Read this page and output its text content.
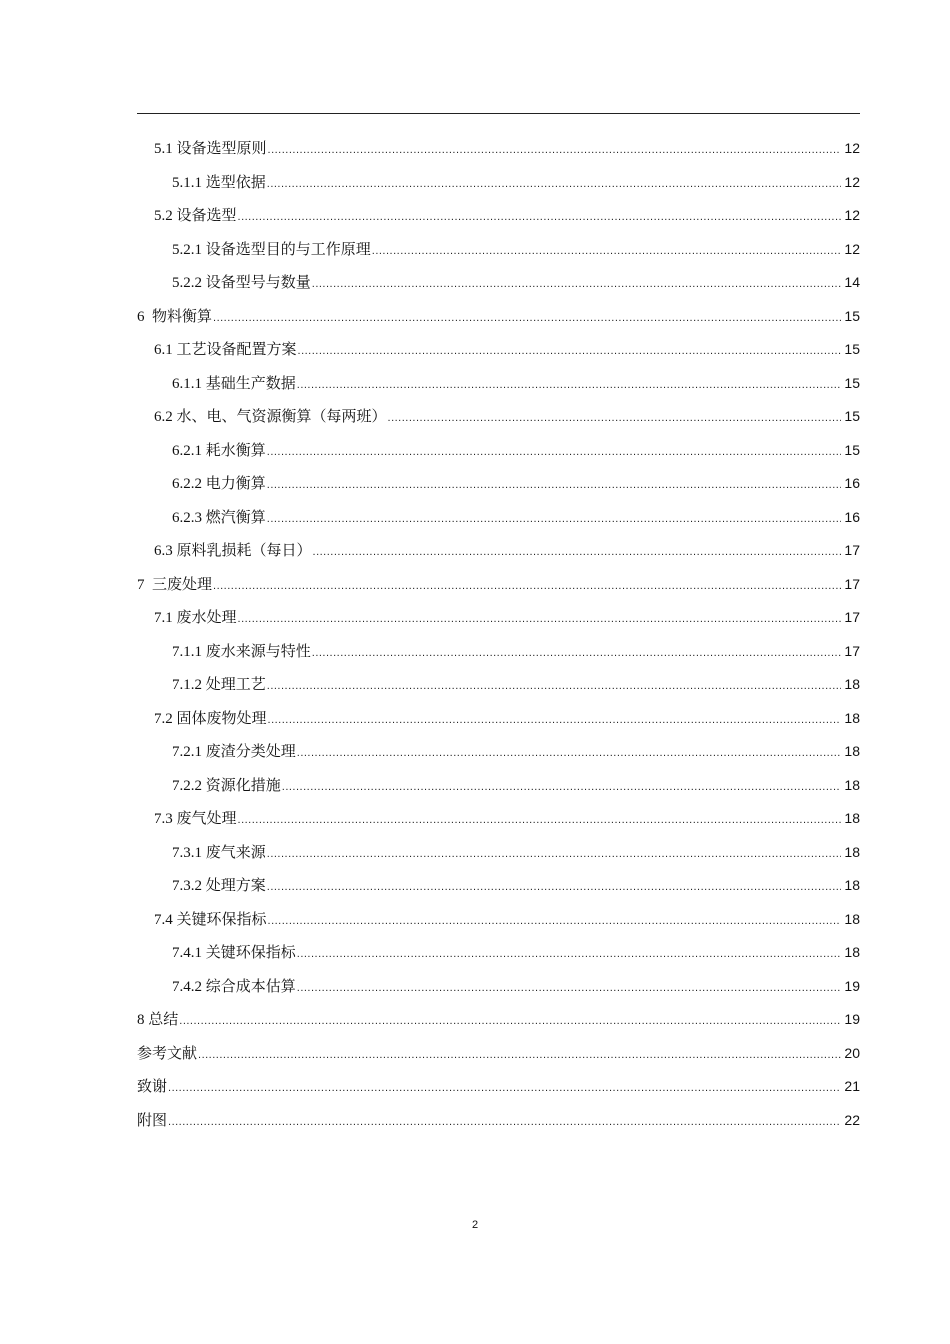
5.1 设备选型原则 .....	12
5.1.1 选型依据 .....	12
5.2 设备选型 .....	12
5.2.1 设备选型目的与工作原理 .....	12
5.2.2 设备型号与数量 .....	14
6  物料衡算 .....	15
6.1 工艺设备配置方案 .....	15
6.1.1 基础生产数据 .....	15
6.2 水、电、气资源衡算（每两班） .....	15
6.2.1 耗水衡算 .....	15
6.2.2 电力衡算 .....	16
6.2.3 燃汽衡算 .....	16
6.3 原料乳损耗（每日） .....	17
7  三废处理 .....	17
7.1 废水处理 .....	17
7.1.1 废水来源与特性 .....	17
7.1.2 处理工艺 .....	18
7.2 固体废物处理 .....	18
7.2.1 废渣分类处理 .....	18
7.2.2 资源化措施 .....	18
7.3 废气处理 .....	18
7.3.1 废气来源 .....	18
7.3.2 处理方案 .....	18
7.4 关键环保指标 .....	18
7.4.1 关键环保指标 .....	18
7.4.2 综合成本估算 .....	19
8 总结 .....	19
参考文献 .....	20
致谢 .....	21
附图 .....	22
2
